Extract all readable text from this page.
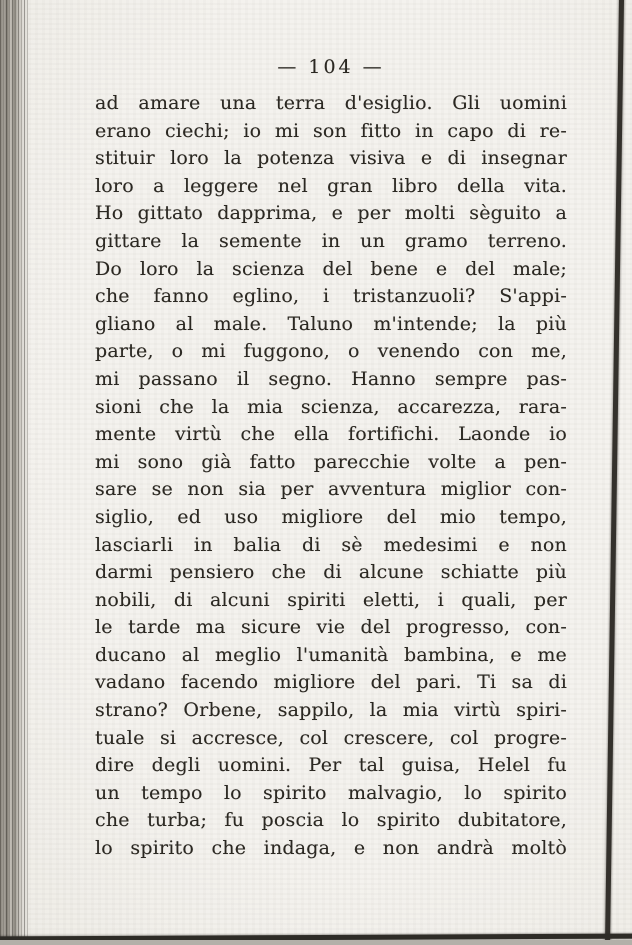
— 104 —
ad amare una terra d'esiglio. Gli uomini
erano ciechi; io mi son fitto in capo di re-
stituir loro la potenza visiva e di insegnar
loro a leggere nel gran libro della vita.
Ho gittato dapprima, e per molti sèguito a
gittare la semente in un gramo terreno.
Do loro la scienza del bene e del male;
che fanno eglino, i tristanzuoli? S'appi-
gliano al male. Taluno m'intende; la più
parte, o mi fuggono, o venendo con me,
mi passano il segno. Hanno sempre pas-
sioni che la mia scienza, accarezza, rara-
mente virtù che ella fortifichi. Laonde io
mi sono già fatto parecchie volte a pen-
sare se non sia per avventura miglior con-
siglio, ed uso migliore del mio tempo,
lasciarli in balia di sè medesimi e non
darmi pensiero che di alcune schiatte più
nobili, di alcuni spiriti eletti, i quali, per
le tarde ma sicure vie del progresso, con-
ducano al meglio l'umanità bambina, e me
vadano facendo migliore del pari. Ti sa di
strano? Orbene, sappilo, la mia virtù spiri-
tuale si accresce, col crescere, col progre-
dire degli uomini. Per tal guisa, Helel fu
un tempo lo spirito malvagio, lo spirito
che turba; fu poscia lo spirito dubitatore,
lo spirito che indaga, e non andrà moltò
